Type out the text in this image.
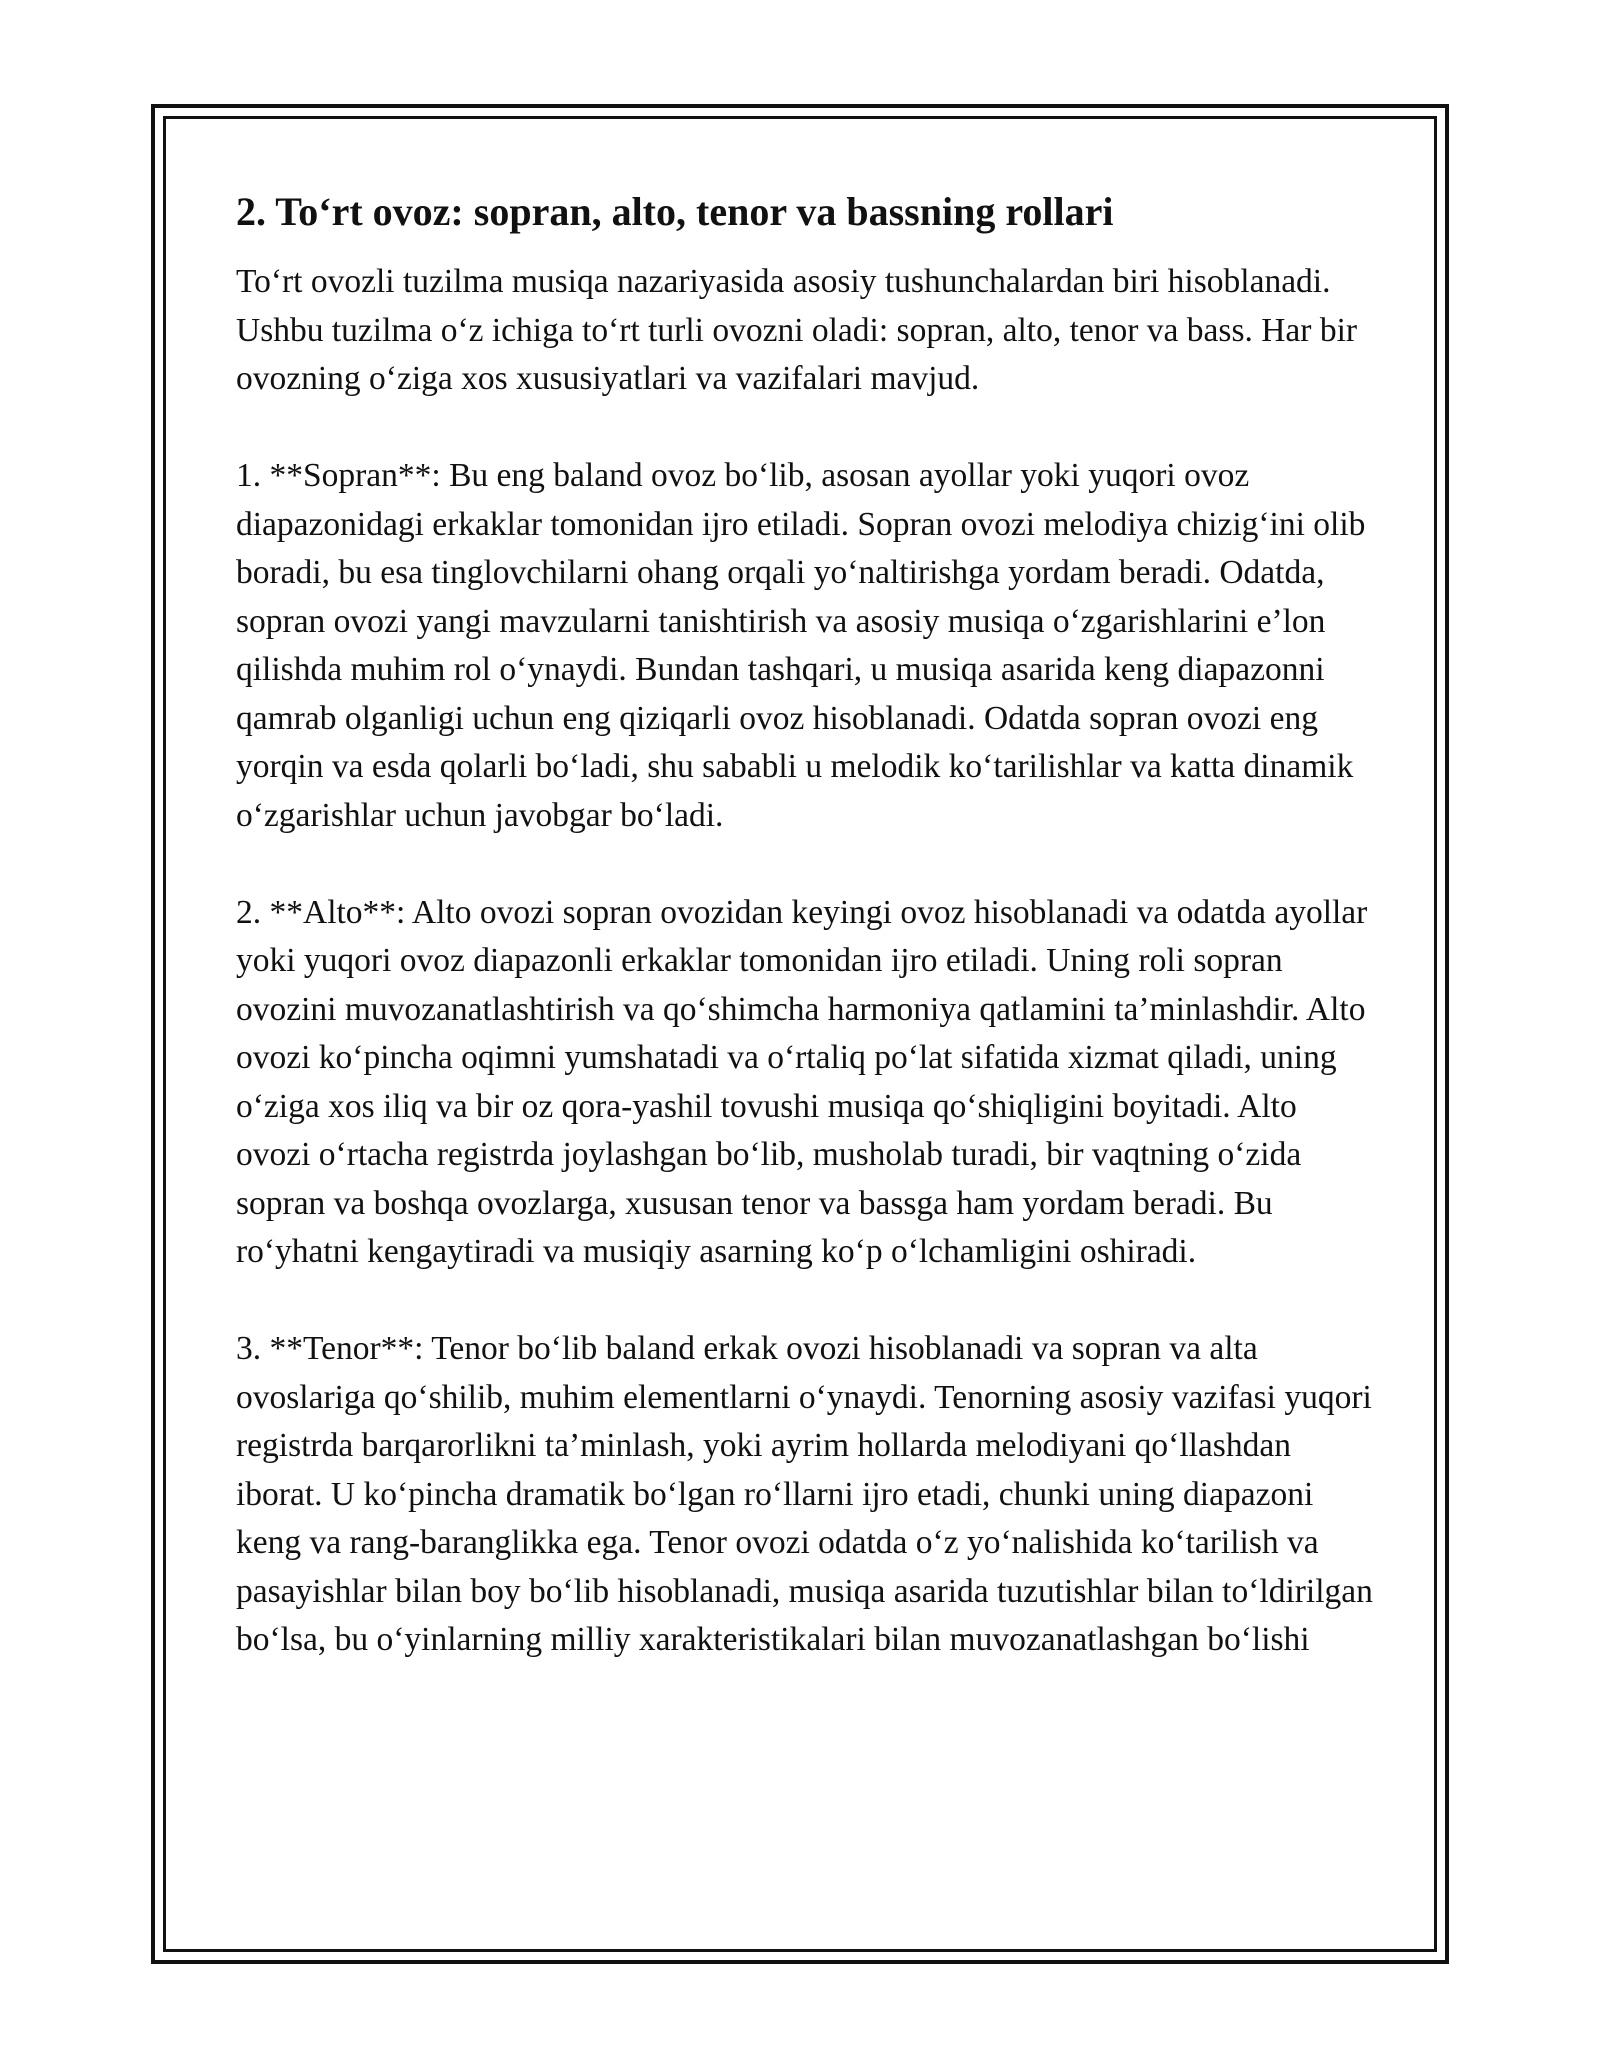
2. To‘rt ovoz: sopran, alto, tenor va bassning rollari

To‘rt ovozli tuzilma musiqa nazariyasida asosiy tushunchalardan biri hisoblanadi. Ushbu tuzilma o‘z ichiga to‘rt turli ovozni oladi: sopran, alto, tenor va bass. Har bir ovozning o‘ziga xos xususiyatlari va vazifalari mavjud.

1. **Sopran**: Bu eng baland ovoz bo‘lib, asosan ayollar yoki yuqori ovoz diapazonidagi erkaklar tomonidan ijro etiladi. Sopran ovozi melodiya chizig‘ini olib boradi, bu esa tinglovchilarni ohang orqali yo‘naltirishga yordam beradi. Odatda, sopran ovozi yangi mavzularni tanishtirish va asosiy musiqa o‘zgarishlarini e’lon qilishda muhim rol o‘ynaydi. Bundan tashqari, u musiqa asarida keng diapazonni qamrab olganligi uchun eng qiziqarli ovoz hisoblanadi. Odatda sopran ovozi eng yorqin va esda qolarli bo‘ladi, shu sababli u melodik ko‘tarilishlar va katta dinamik o‘zgarishlar uchun javobgar bo‘ladi.

2. **Alto**: Alto ovozi sopran ovozidan keyingi ovoz hisoblanadi va odatda ayollar yoki yuqori ovoz diapazonli erkaklar tomonidan ijro etiladi. Uning roli sopran ovozini muvozanatlashtirish va qo‘shimcha harmoniya qatlamini ta’minlashdir. Alto ovozi ko‘pincha oqimni yumshatadi va o‘rtaliq po‘lat sifatida xizmat qiladi, uning o‘ziga xos iliq va bir oz qora-yashil tovushi musiqa qo‘shiqligini boyitadi. Alto ovozi o‘rtacha registrda joylashgan bo‘lib, musholab turadi, bir vaqtning o‘zida sopran va boshqa ovozlarga, xususan tenor va bassga ham yordam beradi. Bu ro‘yhatni kengaytiradi va musiqiy asarning ko‘p o‘lchamligini oshiradi.

3. **Tenor**: Tenor bo‘lib baland erkak ovozi hisoblanadi va sopran va alta ovoslariga qo‘shilib, muhim elementlarni o‘ynaydi. Tenorning asosiy vazifasi yuqori registrda barqarorlikni ta’minlash, yoki ayrim hollarda melodiyani qo‘llashdan iborat. U ko‘pincha dramatik bo‘lgan ro‘llarni ijro etadi, chunki uning diapazoni keng va rang-baranglikka ega. Tenor ovozi odatda o‘z yo‘nalishida ko‘tarilish va pasayishlar bilan boy bo‘lib hisoblanadi, musiqa asarida tuzutishlar bilan to‘ldirilgan bo‘lsa, bu o‘yinlarning milliy xarakteristikalari bilan muvozanatlashgan bo‘lishi
